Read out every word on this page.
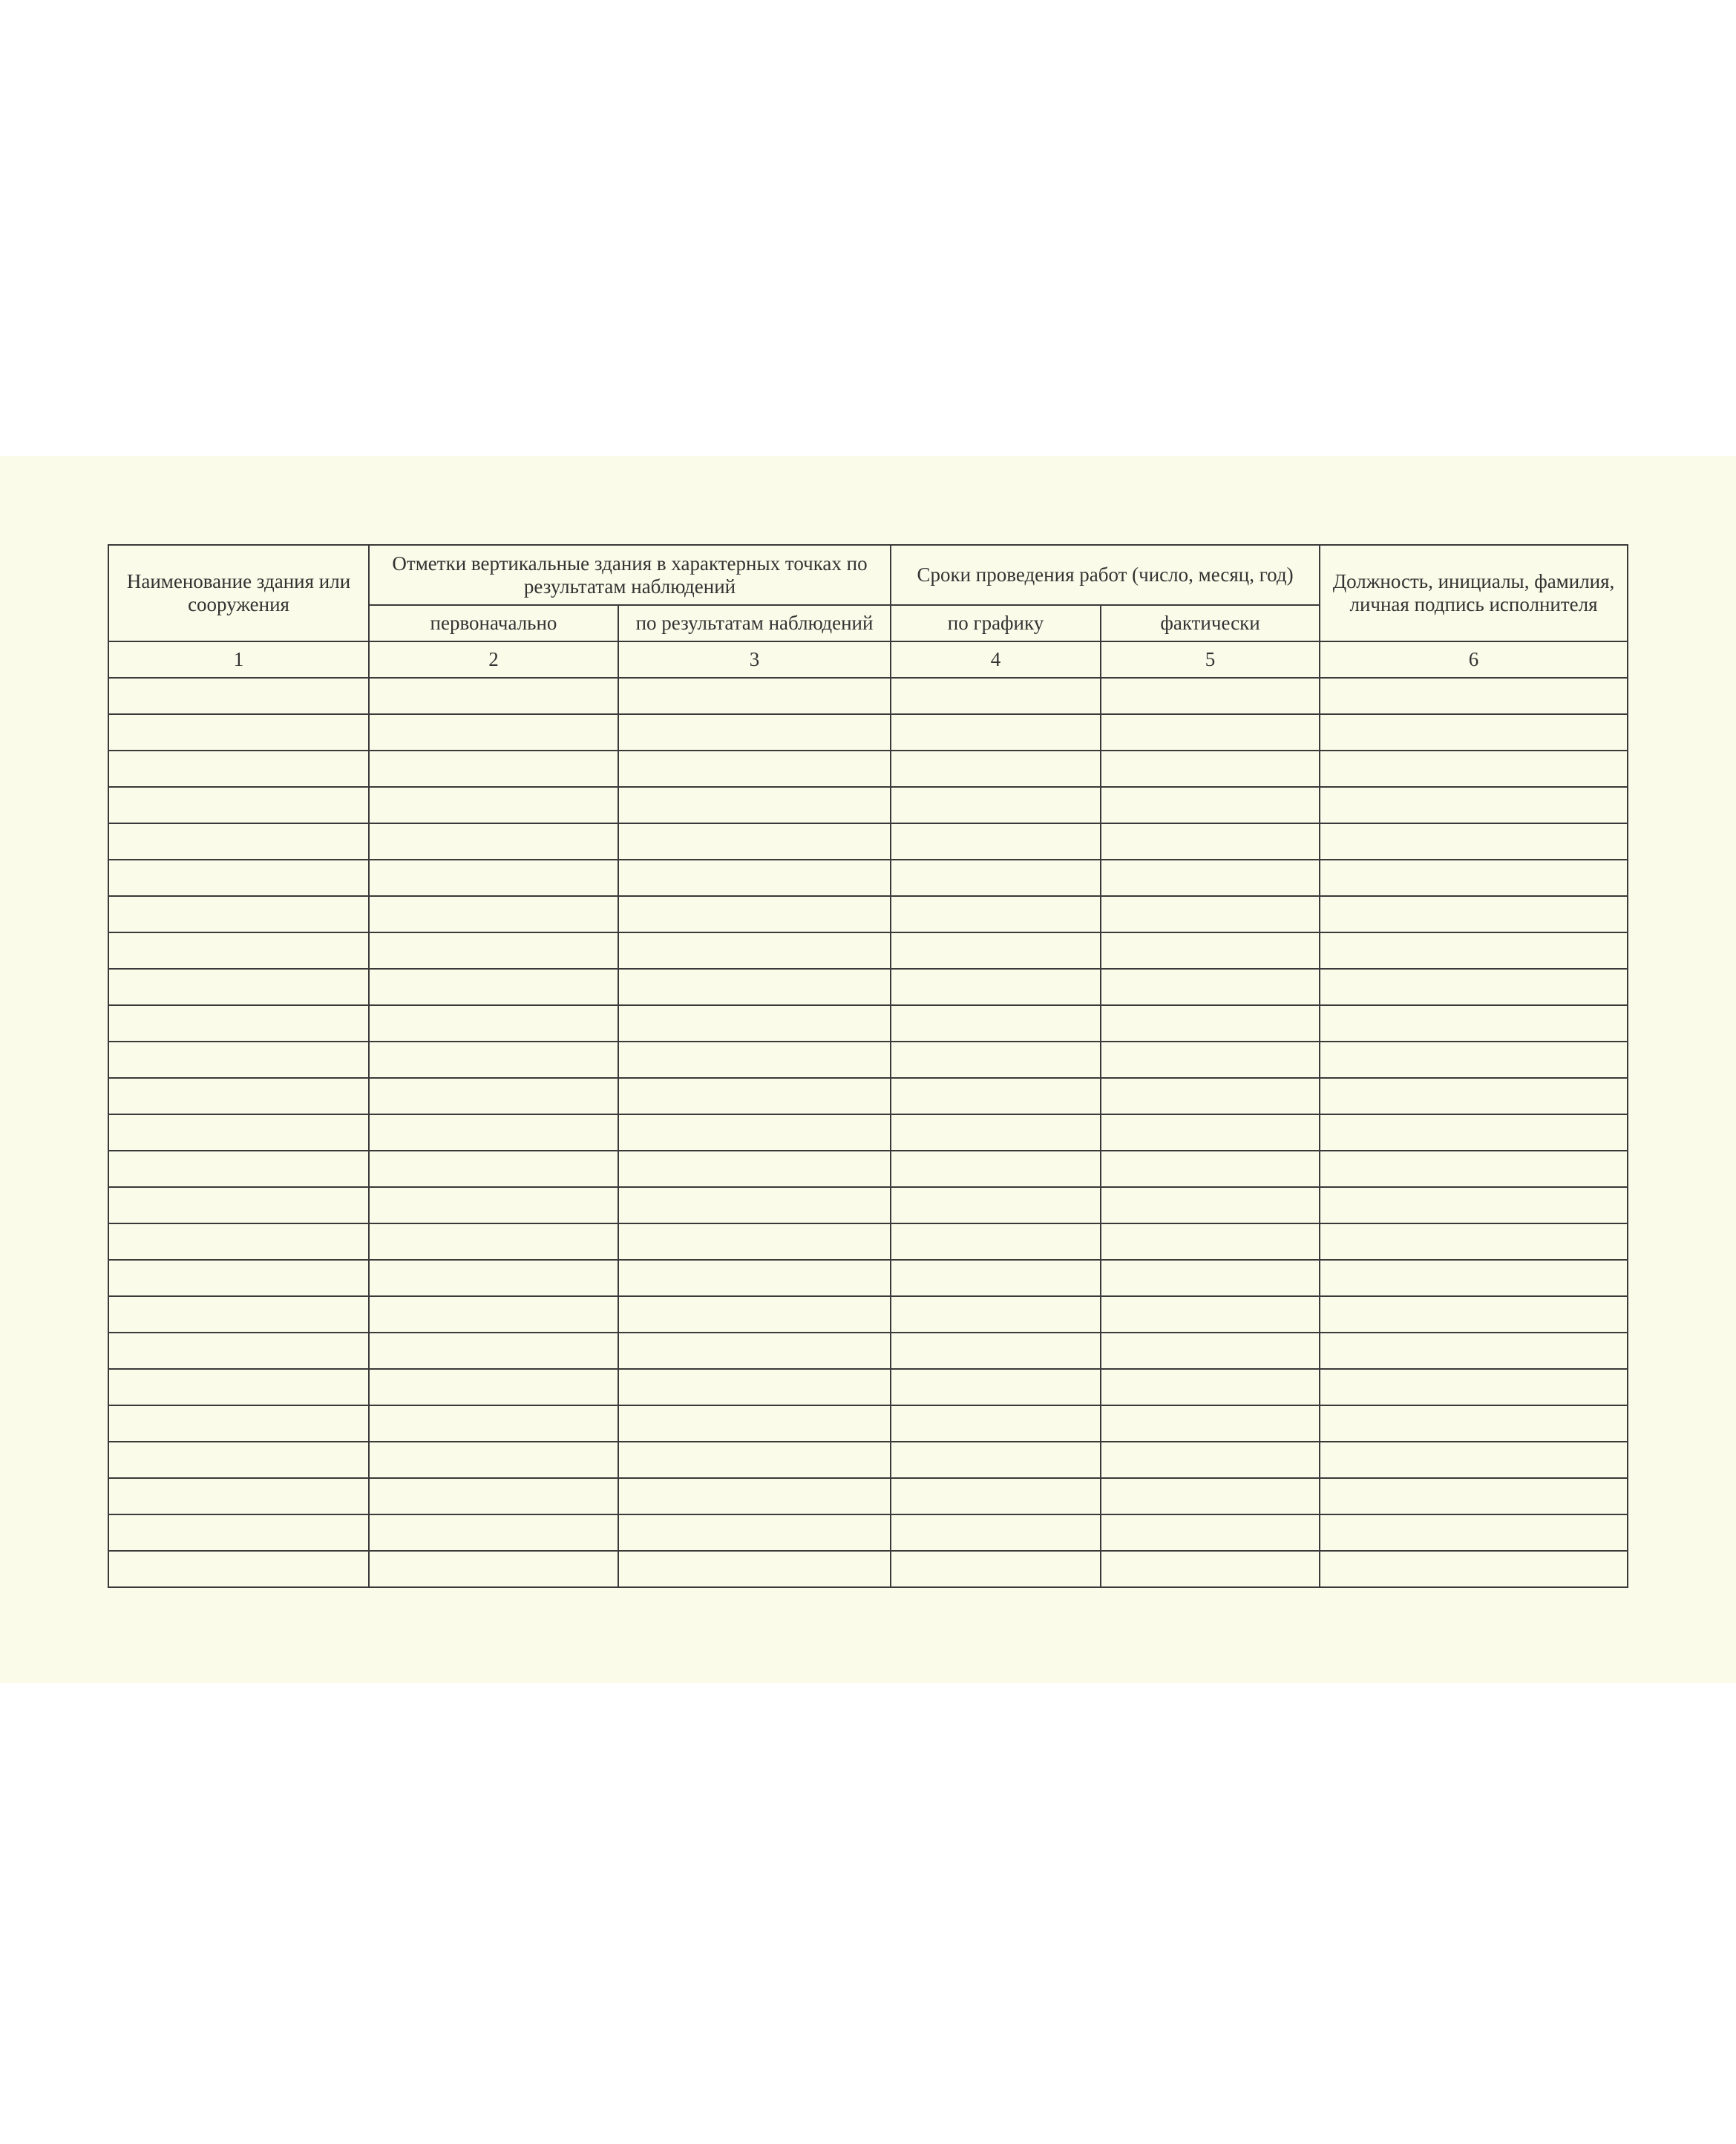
Наименование здания или сооружения	Отметки вертикальные здания в характерных точках по результатам наблюдений		Сроки проведения работ (число, месяц, год)		Должность, инициалы, фамилия, личная подпись исполнителя
	первоначально	по результатам наблюдений	по графику	фактически	
1	2	3	4	5	6
